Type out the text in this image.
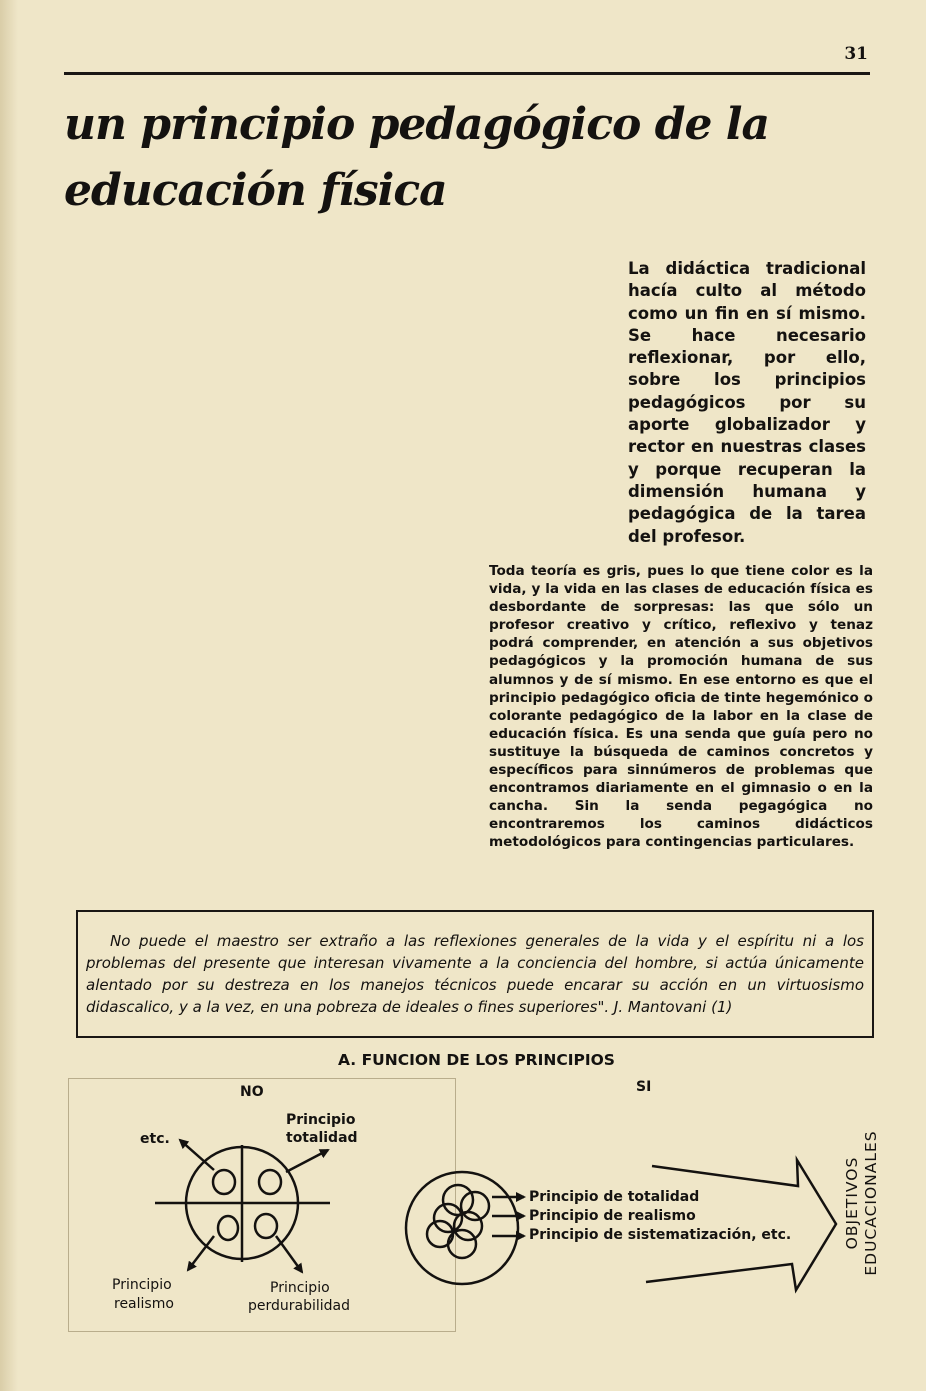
31
un principio pedagógico de la educación física

La didáctica tradicional hacía culto al método como un fin en sí mismo. Se hace necesario reflexionar, por ello, sobre los principios pedagógicos por su aporte globalizador y rector en nuestras clases y porque recuperan la dimensión humana y pedagógica de la tarea del profesor.

Toda teoría es gris, pues lo que tiene color es la vida, y la vida en las clases de educación física es desbordante de sorpresas: las que sólo un profesor creativo y crítico, reflexivo y tenaz podrá comprender, en atención a sus objetivos pedagógicos y la promoción humana de sus alumnos y de sí mismo. En ese entorno es que el principio pedagógico oficia de tinte hegemónico o colorante pedagógico de la labor en la clase de educación física. Es una senda que guía pero no sustituye la búsqueda de caminos concretos y específicos para sinnúmeros de problemas que encontramos diariamente en el gimnasio o en la cancha. Sin la senda pegagógica no encontraremos los caminos didácticos metodológicos para contingencias particulares.

No puede el maestro ser extraño a las reflexiones generales de la vida y el espíritu ni a los problemas del presente que interesan vivamente a la conciencia del hombre, si actúa únicamente alentado por su destreza en los manejos técnicos puede encarar su acción en un virtuosismo didascalico, y a la vez, en una pobreza de ideales o fines superiores". J. Mantovani (1)

A. FUNCION DE LOS PRINCIPIOS
NO	SI
etc.
Principio
totalidad
Principio
realismo
Principio
perdurabilidad
Principio de totalidad
Principio de realismo
Principio de sistematización, etc.	OBJETIVOS EDUCACIONALES
